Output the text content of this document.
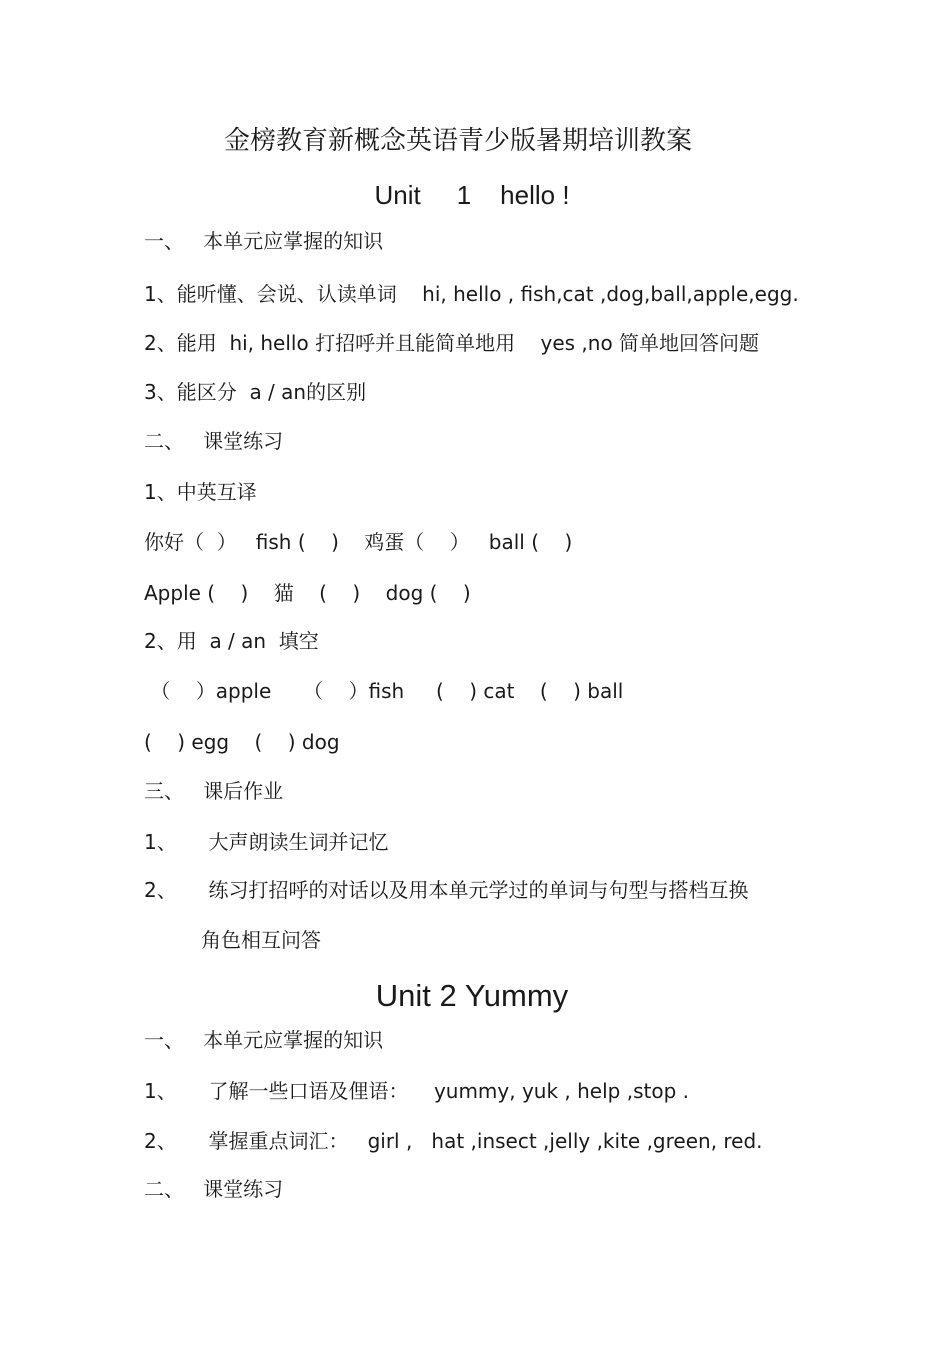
金榜教育新概念英语青少版暑期培训教案
Unit     1    hello !
一、   本单元应掌握的知识
1、能听懂、会说、认读单词    hi, hello , fish,cat ,dog,ball,apple,egg.
2、能用  hi, hello 打招呼并且能简单地用    yes ,no 简单地回答问题
3、能区分  a / an的区别
二、   课堂练习
1、中英互译
你好（  ）   fish (    )    鸡蛋（    ）   ball (    )
Apple (    )    猫    (    )    dog (    )
2、用  a / an  填空
（    ）apple     （    ）fish     (    ) cat    (    ) ball
(    ) egg    (    ) dog
三、   课后作业
1、     大声朗读生词并记忆
2、     练习打招呼的对话以及用本单元学过的单词与句型与搭档互换
角色相互问答
Unit 2 Yummy
一、   本单元应掌握的知识
1、     了解一些口语及俚语：    yummy, yuk , help ,stop .
2、     掌握重点词汇：   girl ,   hat ,insect ,jelly ,kite ,green, red.
二、   课堂练习
